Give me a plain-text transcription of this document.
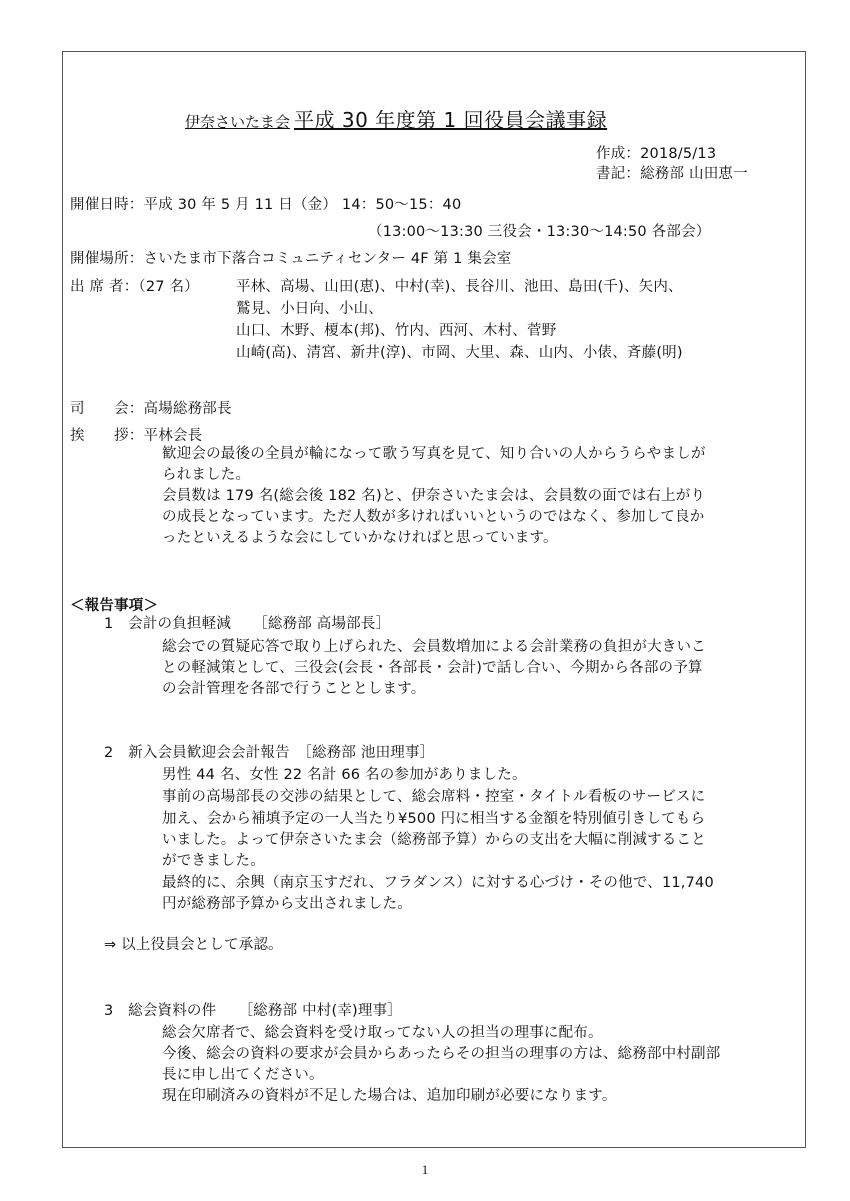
伊奈さいたま会 平成 30 年度第 1 回役員会議事録
作成：2018/5/13
書記：総務部 山田恵一
開催日時：平成 30 年 5 月 11 日（金） 14：50～15：40
（13:00～13:30 三役会・13:30～14:50 各部会）
開催場所：さいたま市下落合コミュニティセンター 4F 第 1 集会室
出 席 者：（27 名）	平林、高場、山田(恵)、中村(幸)、長谷川、池田、島田(千)、矢内、
鷲見、小日向、小山、
山口、木野、榎本(邦)、竹内、西河、木村、菅野
山崎(高)、清宮、新井(淳)、市岡、大里、森、山内、小俵、斉藤(明)
司　　会：高場総務部長
挨　　拶：平林会長
歓迎会の最後の全員が輪になって歌う写真を見て、知り合いの人からうらやましが
られました。
会員数は 179 名(総会後 182 名)と、伊奈さいたま会は、会員数の面では右上がり
の成長となっています。ただ人数が多ければいいというのではなく、参加して良か
ったといえるような会にしていかなければと思っています。
＜報告事項＞
1　会計の負担軽減　　［総務部 高場部長］
総会での質疑応答で取り上げられた、会員数増加による会計業務の負担が大きいこ
との軽減策として、三役会(会長・各部長・会計)で話し合い、今期から各部の予算
の会計管理を各部で行うこととします。
2　新入会員歓迎会会計報告　［総務部 池田理事］
男性 44 名、女性 22 名計 66 名の参加がありました。
事前の高場部長の交渉の結果として、総会席料・控室・タイトル看板のサービスに
加え、会から補填予定の一人当たり¥500 円に相当する金額を特別値引きしてもら
いました。よって伊奈さいたま会（総務部予算）からの支出を大幅に削減すること
ができました。
最終的に、余興（南京玉すだれ、フラダンス）に対する心づけ・その他で、11,740
円が総務部予算から支出されました。
⇒ 以上役員会として承認。
3　総会資料の件　　［総務部 中村(幸)理事］
総会欠席者で、総会資料を受け取ってない人の担当の理事に配布。
今後、総会の資料の要求が会員からあったらその担当の理事の方は、総務部中村副部
長に申し出てください。
現在印刷済みの資料が不足した場合は、追加印刷が必要になります。
1
